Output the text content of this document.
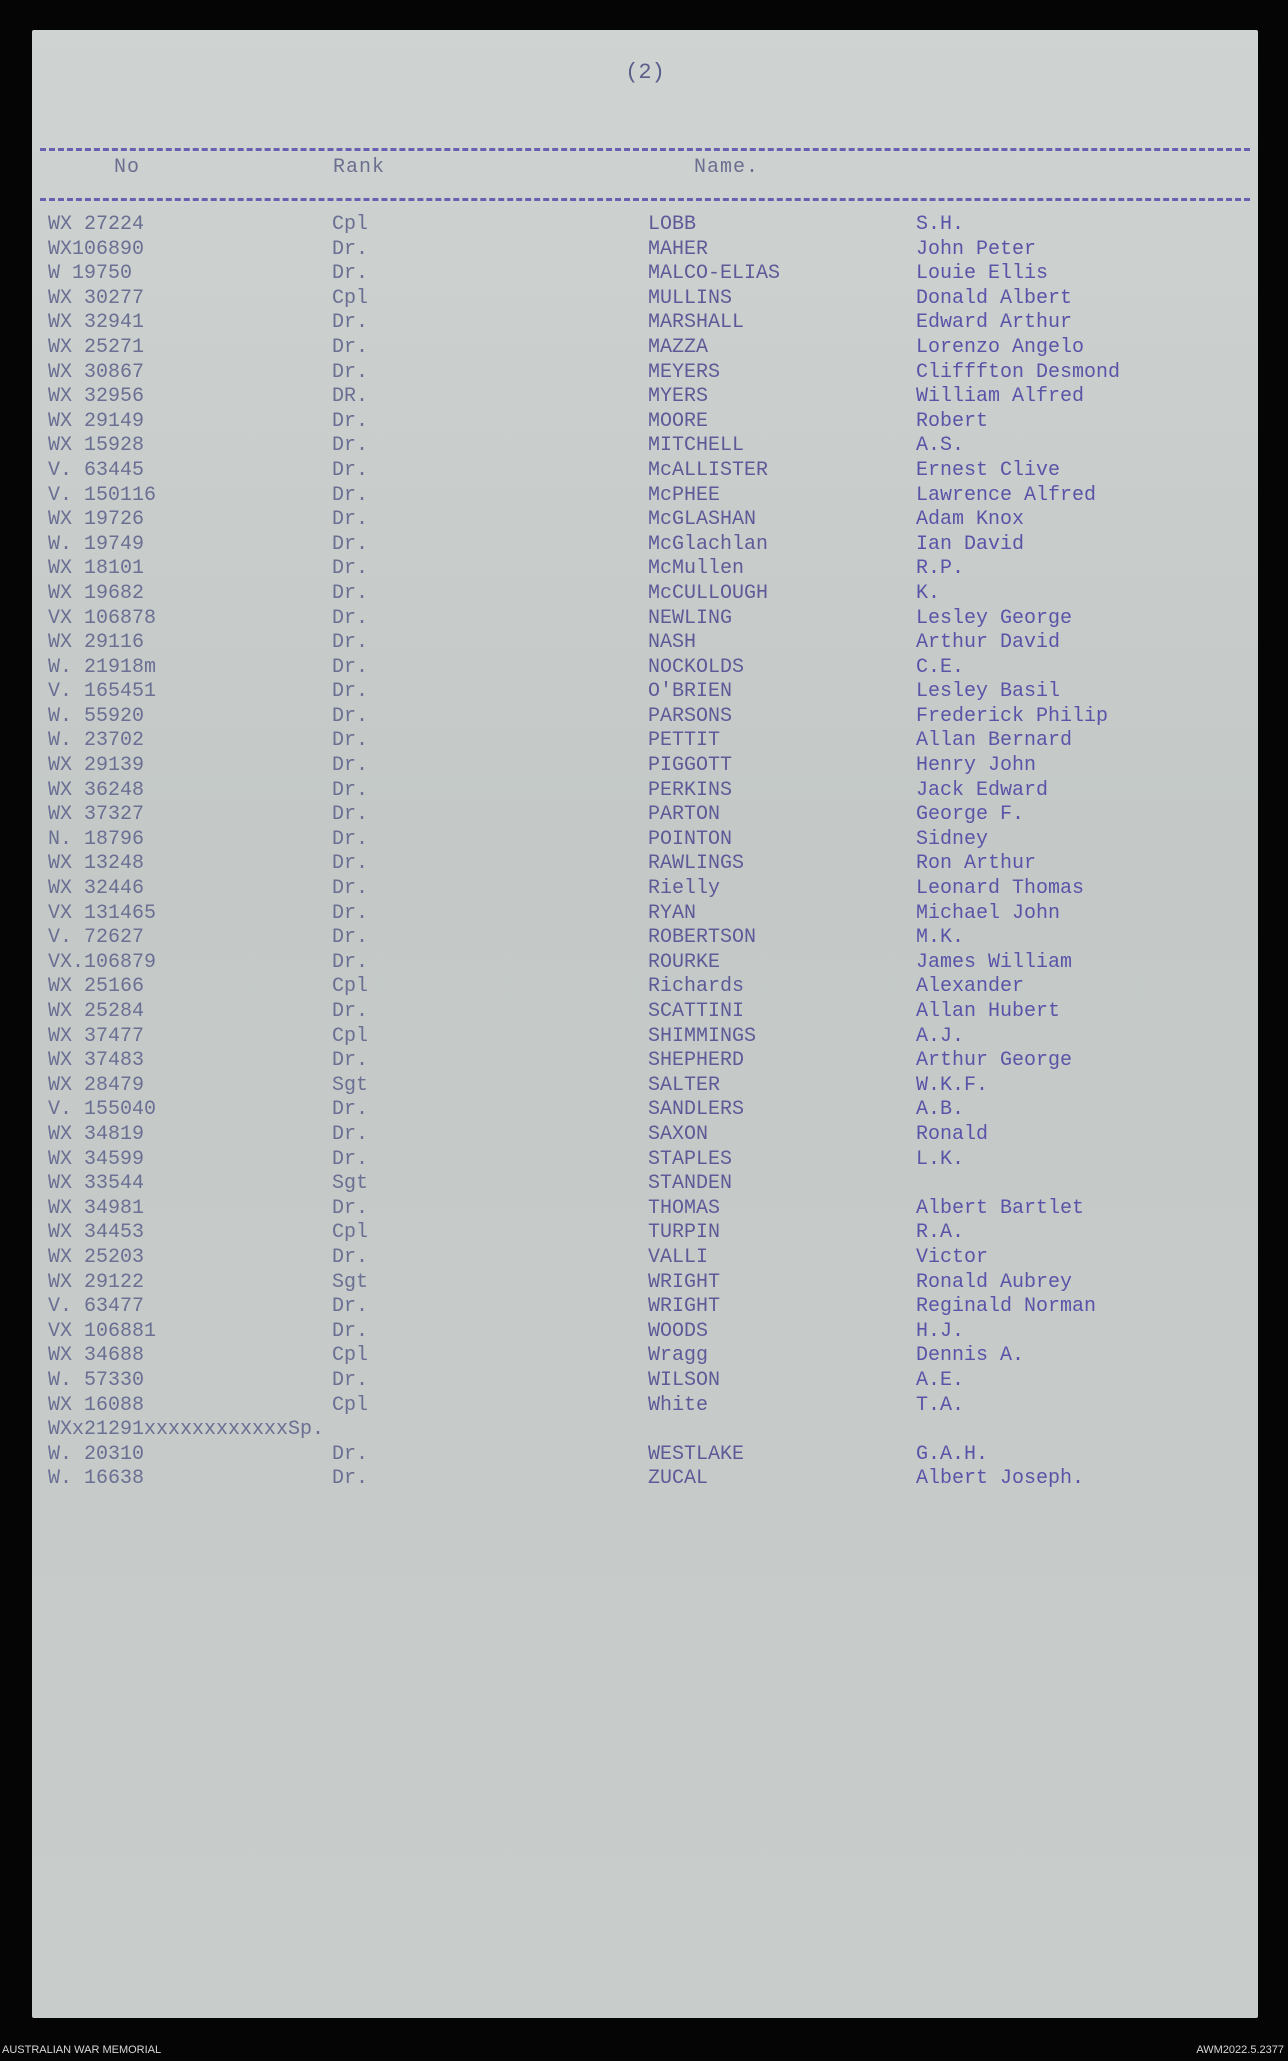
(2)
No	Rank	Name.
WX 27224	Cpl	LOBB	S.H.
WX106890	Dr.	MAHER	John Peter
W 19750	Dr.	MALCO-ELIAS	Louie Ellis
WX 30277	Cpl	MULLINS	Donald Albert
WX 32941	Dr.	MARSHALL	Edward Arthur
WX 25271	Dr.	MAZZA	Lorenzo Angelo
WX 30867	Dr.	MEYERS	Clifffton Desmond
WX 32956	DR.	MYERS	William Alfred
WX 29149	Dr.	MOORE	Robert
WX 15928	Dr.	MITCHELL	A.S.
V. 63445	Dr.	McALLISTER	Ernest Clive
V. 150116	Dr.	McPHEE	Lawrence Alfred
WX 19726	Dr.	McGLASHAN	Adam Knox
W. 19749	Dr.	McGlachlan	Ian David
WX 18101	Dr.	McMullen	R.P.
WX 19682	Dr.	McCULLOUGH	K.
VX 106878	Dr.	NEWLING	Lesley George
WX 29116	Dr.	NASH	Arthur David
W. 21918m	Dr.	NOCKOLDS	C.E.
V. 165451	Dr.	O'BRIEN	Lesley Basil
W. 55920	Dr.	PARSONS	Frederick Philip
W. 23702	Dr.	PETTIT	Allan Bernard
WX 29139	Dr.	PIGGOTT	Henry John
WX 36248	Dr.	PERKINS	Jack Edward
WX 37327	Dr.	PARTON	George F.
N. 18796	Dr.	POINTON	Sidney
WX 13248	Dr.	RAWLINGS	Ron Arthur
WX 32446	Dr.	Rielly	Leonard Thomas
VX 131465	Dr.	RYAN	Michael John
V. 72627	Dr.	ROBERTSON	M.K.
VX.106879	Dr.	ROURKE	James William
WX 25166	Cpl	Richards	Alexander
WX 25284	Dr.	SCATTINI	Allan Hubert
WX 37477	Cpl	SHIMMINGS	A.J.
WX 37483	Dr.	SHEPHERD	Arthur George
WX 28479	Sgt	SALTER	W.K.F.
V. 155040	Dr.	SANDLERS	A.B.
WX 34819	Dr.	SAXON	Ronald
WX 34599	Dr.	STAPLES	L.K.
WX 33544	Sgt	STANDEN
WX 34981	Dr.	THOMAS	Albert Bartlet
WX 34453	Cpl	TURPIN	R.A.
WX 25203	Dr.	VALLI	Victor
WX 29122	Sgt	WRIGHT	Ronald Aubrey
V. 63477	Dr.	WRIGHT	Reginald Norman
VX 106881	Dr.	WOODS	H.J.
WX 34688	Cpl	Wragg	Dennis A.
W. 57330	Dr.	WILSON	A.E.
WX 16088	Cpl	White	T.A.
WXx21291xxxxxxxxxxxxSp.
W. 20310	Dr.	WESTLAKE	G.A.H.
W. 16638	Dr.	ZUCAL	Albert Joseph.
AUSTRALIAN WAR MEMORIAL	AWM2022.5.2377
